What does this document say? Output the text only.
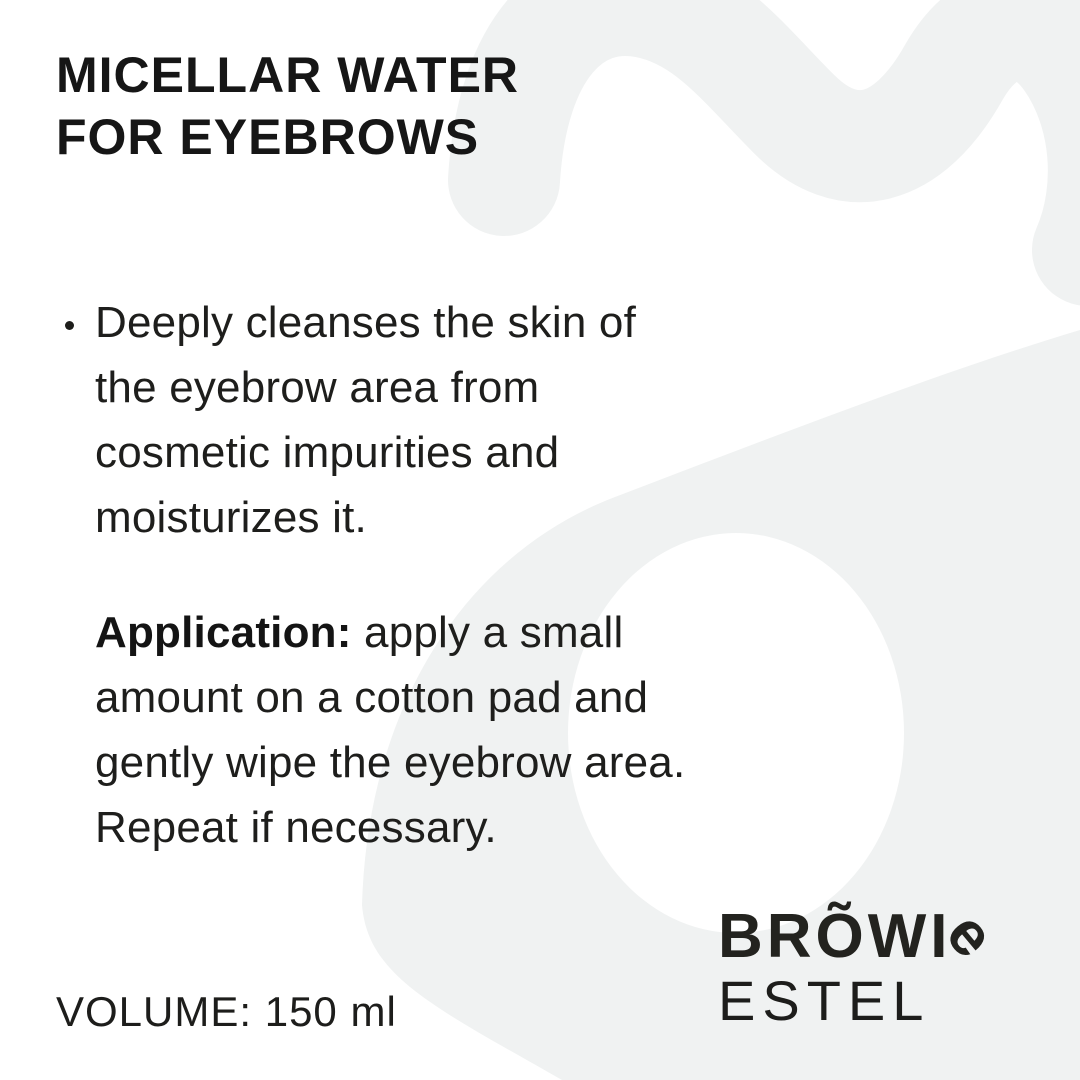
MICELLAR WATER
FOR EYEBROWS

Deeply cleanses the skin of
the eyebrow area from
cosmetic impurities and
moisturizes it.

Application: apply a small
amount on a cotton pad and
gently wipe the eyebrow area.
Repeat if necessary.

VOLUME: 150 ml

BRÕWIe
ESTEL
